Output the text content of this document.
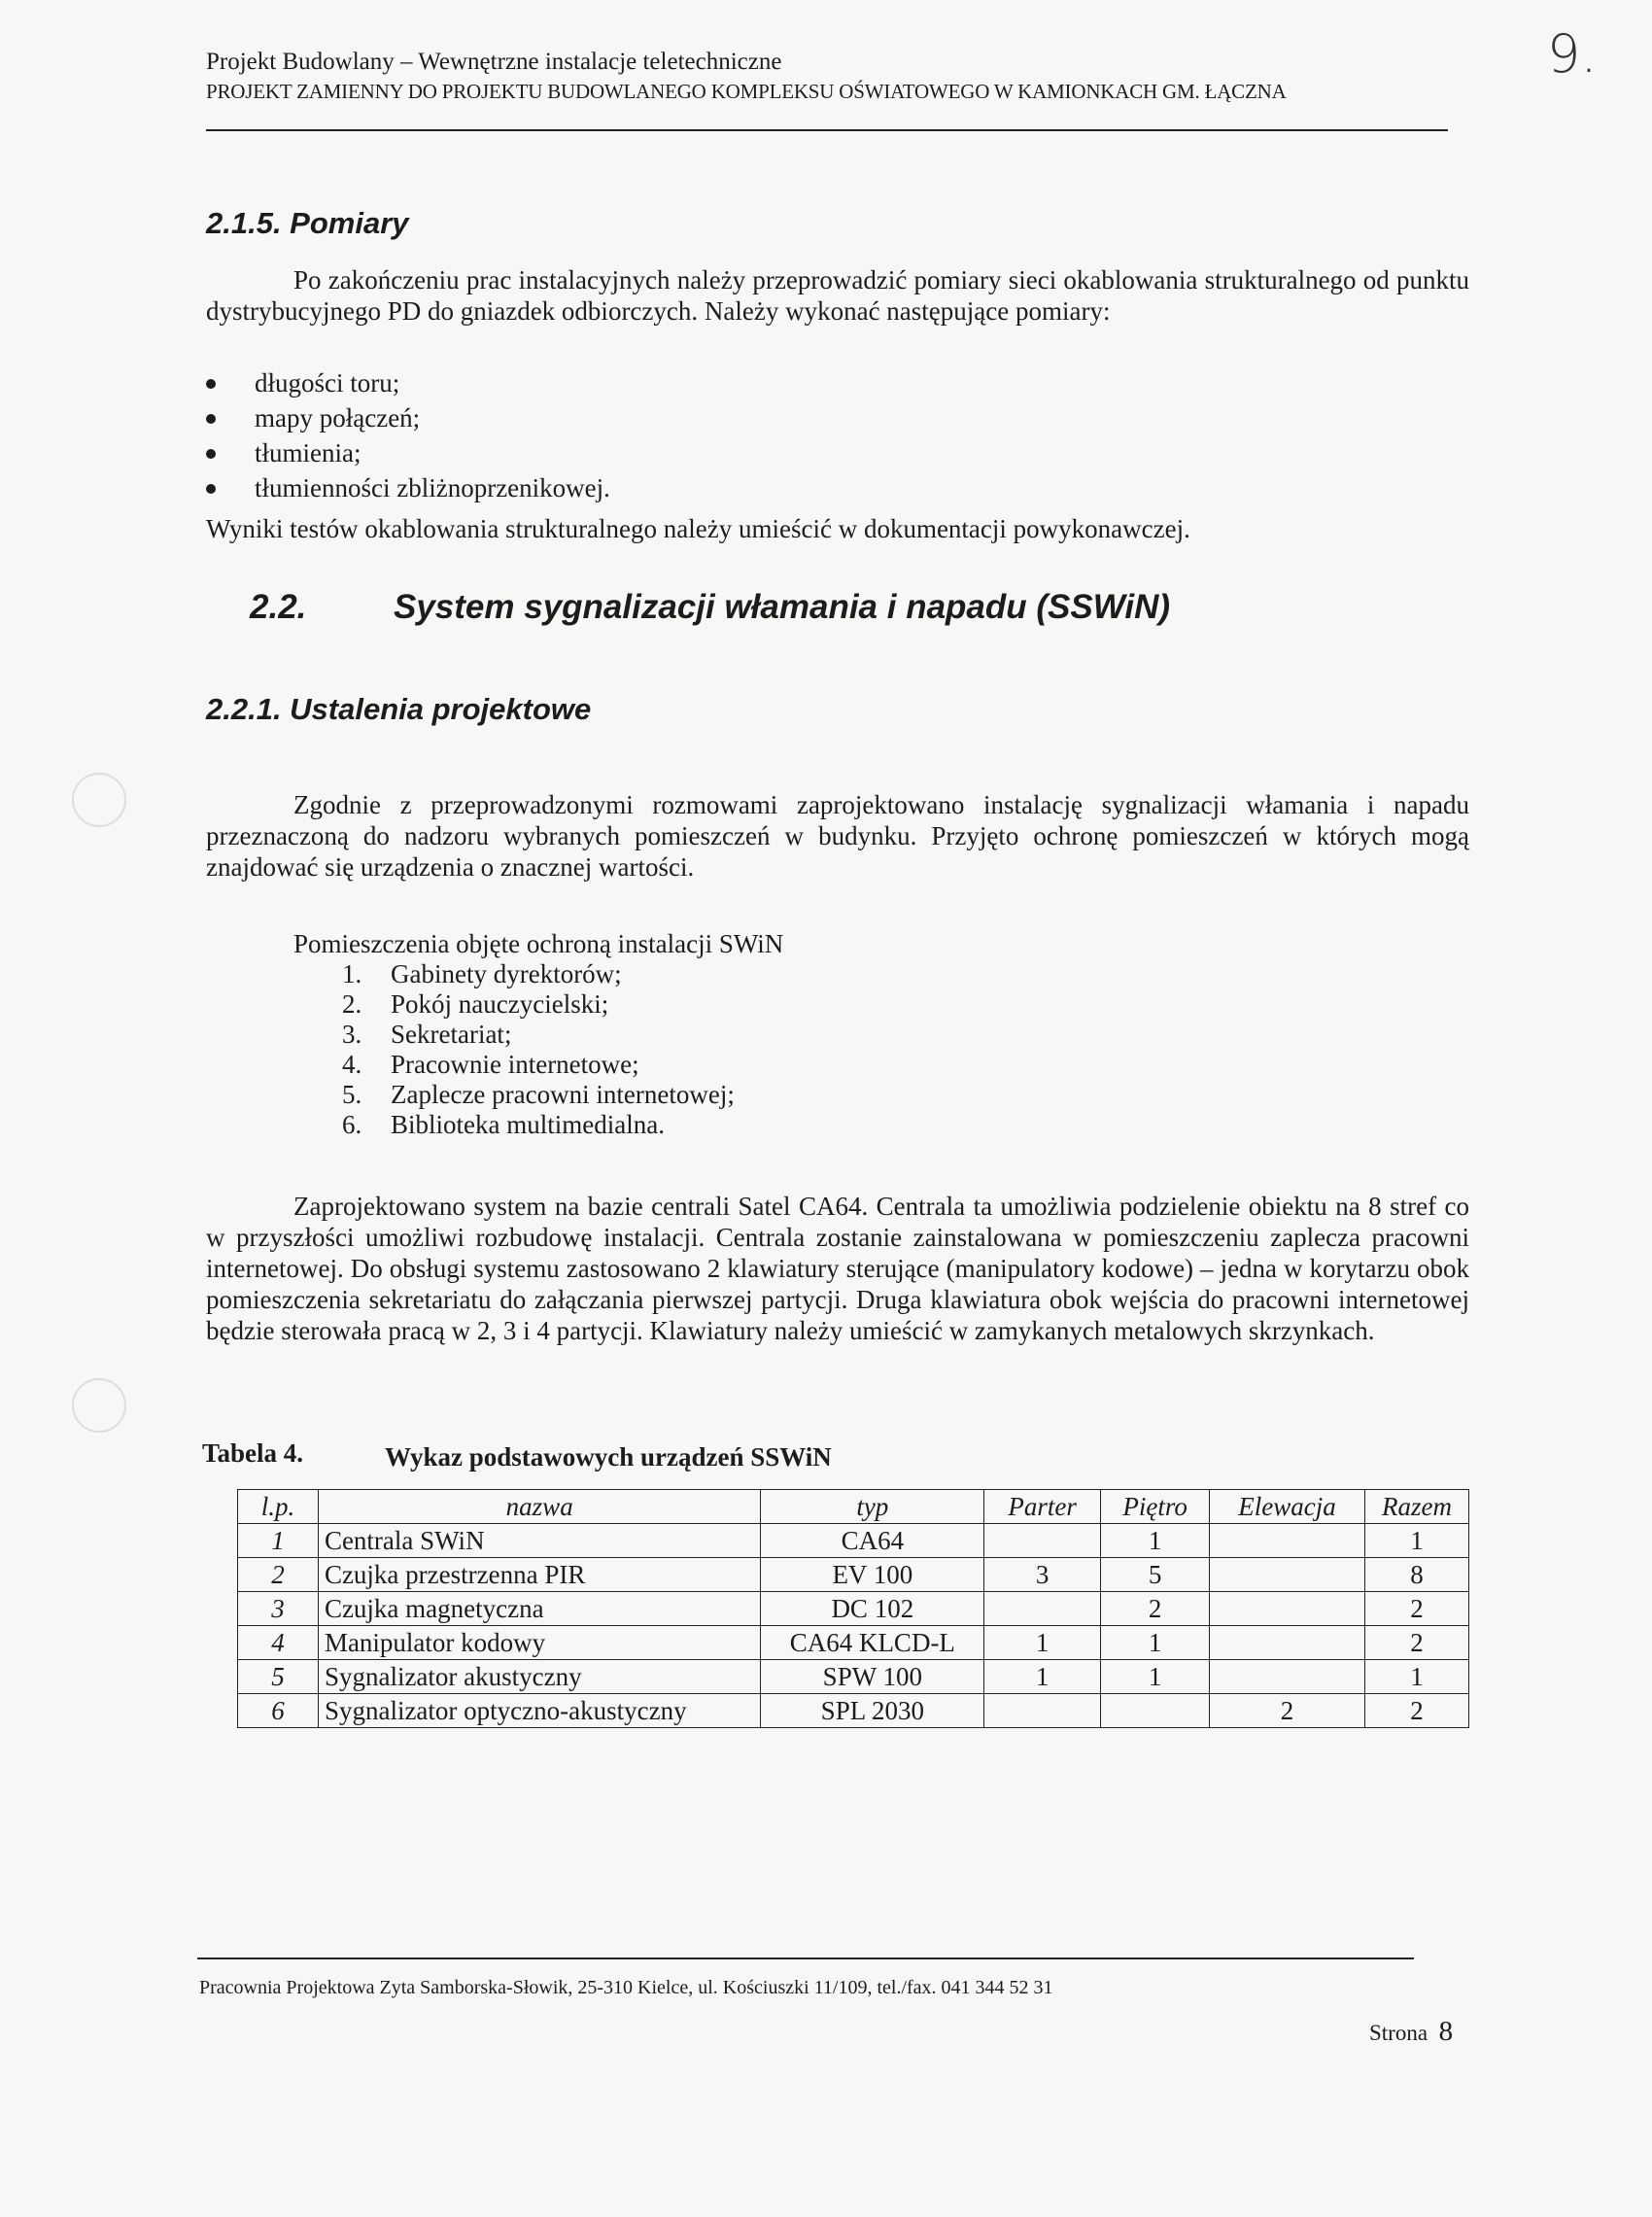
9.
Projekt Budowlany – Wewnętrzne instalacje teletechniczne
PROJEKT ZAMIENNY DO PROJEKTU BUDOWLANEGO KOMPLEKSU OŚWIATOWEGO W KAMIONKACH GM. ŁĄCZNA
2.1.5. Pomiary
Po zakończeniu prac instalacyjnych należy przeprowadzić pomiary sieci okablowania strukturalnego od punktu dystrybucyjnego PD do gniazdek odbiorczych. Należy wykonać następujące pomiary:
długości toru;
mapy połączeń;
tłumienia;
tłumienności zbliżnoprzenikowej.
Wyniki testów okablowania strukturalnego należy umieścić w dokumentacji powykonawczej.
2.2.	System sygnalizacji włamania i napadu (SSWiN)
2.2.1. Ustalenia projektowe
Zgodnie z przeprowadzonymi rozmowami zaprojektowano instalację sygnalizacji włamania i napadu przeznaczoną do nadzoru wybranych pomieszczeń w budynku. Przyjęto ochronę pomieszczeń w których mogą znajdować się urządzenia o znacznej wartości.
Pomieszczenia objęte ochroną instalacji SWiN
1. Gabinety dyrektorów;
2. Pokój nauczycielski;
3. Sekretariat;
4. Pracownie internetowe;
5. Zaplecze pracowni internetowej;
6. Biblioteka multimedialna.
Zaprojektowano system na bazie centrali Satel CA64. Centrala ta umożliwia podzielenie obiektu na 8 stref co w przyszłości umożliwi rozbudowę instalacji. Centrala zostanie zainstalowana w pomieszczeniu zaplecza pracowni internetowej. Do obsługi systemu zastosowano 2 klawiatury sterujące (manipulatory kodowe) – jedna w korytarzu obok pomieszczenia sekretariatu do załączania pierwszej partycji. Druga klawiatura obok wejścia do pracowni internetowej będzie sterowała pracą w 2, 3 i 4 partycji. Klawiatury należy umieścić w zamykanych metalowych skrzynkach.
Tabela 4.	Wykaz podstawowych urządzeń SSWiN
l.p.	nazwa	typ	Parter	Piętro	Elewacja	Razem
1	Centrala SWiN	CA64		1		1
2	Czujka przestrzenna PIR	EV 100	3	5		8
3	Czujka magnetyczna	DC 102		2		2
4	Manipulator kodowy	CA64 KLCD-L	1	1		2
5	Sygnalizator akustyczny	SPW 100	1	1		1
6	Sygnalizator optyczno-akustyczny	SPL 2030			2	2
Pracownia Projektowa Zyta Samborska-Słowik, 25-310 Kielce, ul. Kościuszki 11/109, tel./fax. 041 344 52 31
Strona 8
